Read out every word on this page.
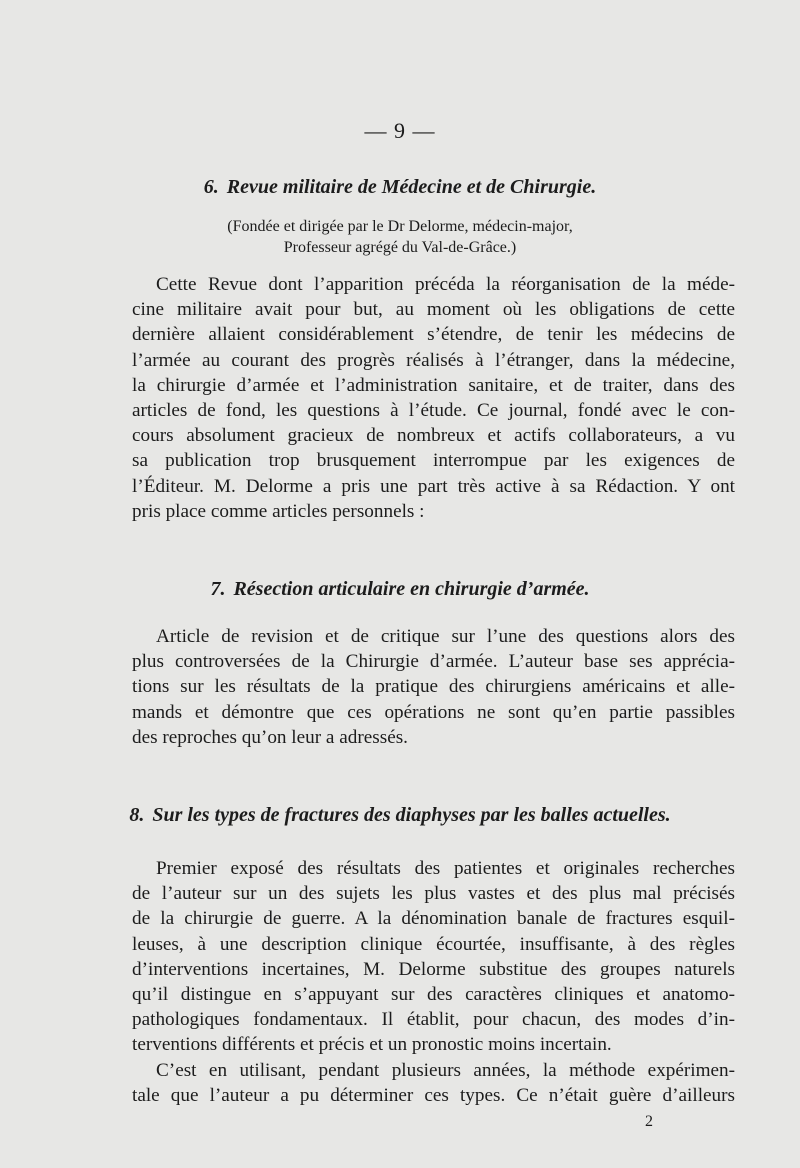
— 9 —
6. Revue militaire de Médecine et de Chirurgie.
(Fondée et dirigée par le Dr Delorme, médecin-major,
Professeur agrégé du Val-de-Grâce.)
Cette Revue dont l’apparition précéda la réorganisation de la méde-
cine militaire avait pour but, au moment où les obligations de cette
dernière allaient considérablement s’étendre, de tenir les médecins de
l’armée au courant des progrès réalisés à l’étranger, dans la médecine,
la chirurgie d’armée et l’administration sanitaire, et de traiter, dans des
articles de fond, les questions à l’étude. Ce journal, fondé avec le con-
cours absolument gracieux de nombreux et actifs collaborateurs, a vu
sa publication trop brusquement interrompue par les exigences de
l’Éditeur. M. Delorme a pris une part très active à sa Rédaction. Y ont
pris place comme articles personnels :
7. Résection articulaire en chirurgie d’armée.
Article de revision et de critique sur l’une des questions alors des
plus controversées de la Chirurgie d’armée. L’auteur base ses apprécia-
tions sur les résultats de la pratique des chirurgiens américains et alle-
mands et démontre que ces opérations ne sont qu’en partie passibles
des reproches qu’on leur a adressés.
8. Sur les types de fractures des diaphyses par les balles actuelles.
Premier exposé des résultats des patientes et originales recherches
de l’auteur sur un des sujets les plus vastes et des plus mal précisés
de la chirurgie de guerre. A la dénomination banale de fractures esquil-
leuses, à une description clinique écourtée, insuffisante, à des règles
d’interventions incertaines, M. Delorme substitue des groupes naturels
qu’il distingue en s’appuyant sur des caractères cliniques et anatomo-
pathologiques fondamentaux. Il établit, pour chacun, des modes d’in-
terventions différents et précis et un pronostic moins incertain.
C’est en utilisant, pendant plusieurs années, la méthode expérimen-
tale que l’auteur a pu déterminer ces types. Ce n’était guère d’ailleurs
2
